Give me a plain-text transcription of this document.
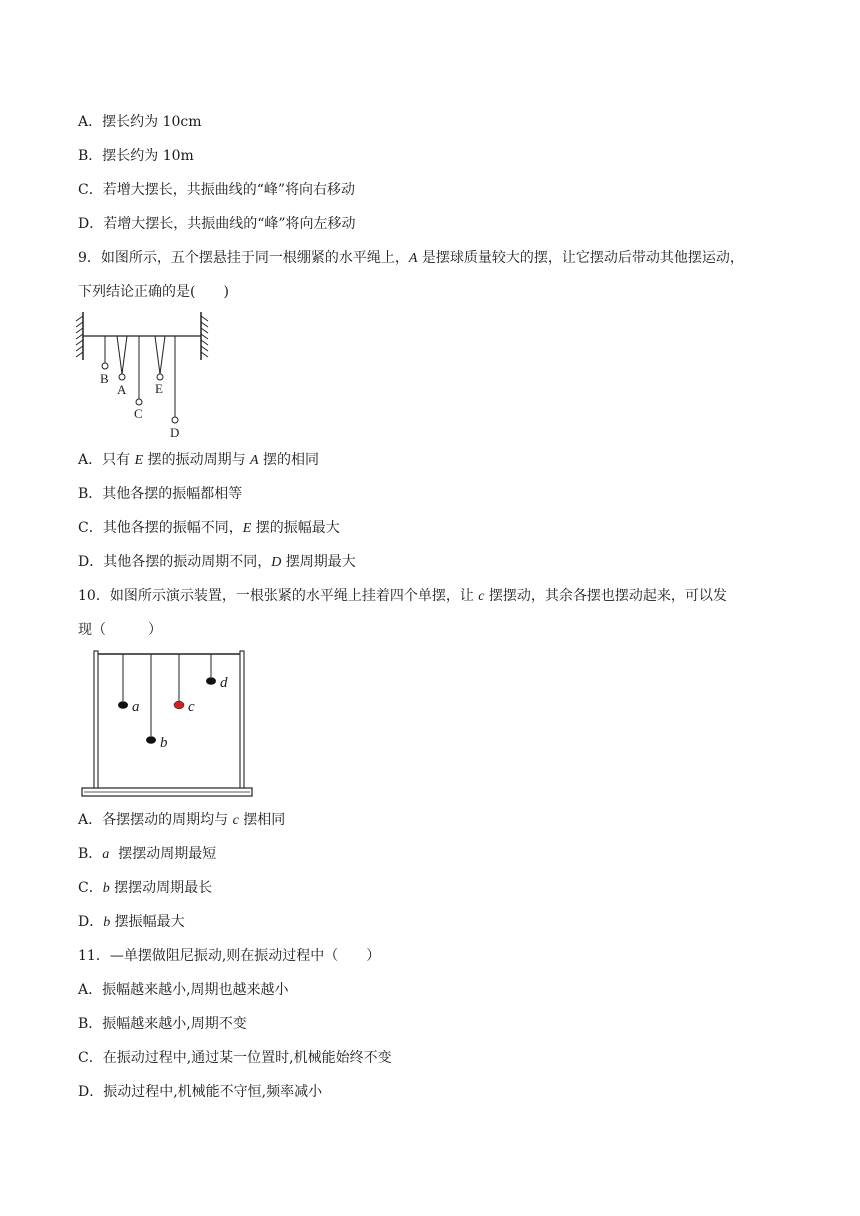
A．摆长约为 10cm
B．摆长约为 10m
C．若增大摆长，共振曲线的“峰”将向右移动
D．若增大摆长，共振曲线的“峰”将向左移动
9．如图所示，五个摆悬挂于同一根绷紧的水平绳上，A 是摆球质量较大的摆，让它摆动后带动其他摆运动，
下列结论正确的是(　　)
B
A
C
E
D
A．只有 E 摆的振动周期与 A 摆的相同
B．其他各摆的振幅都相等
C．其他各摆的振幅不同，E 摆的振幅最大
D．其他各摆的振动周期不同，D 摆周期最大
10．如图所示演示装置，一根张紧的水平绳上挂着四个单摆，让 c 摆摆动，其余各摆也摆动起来，可以发
现（　　　）
a
b
c
d
A．各摆摆动的周期均与 c 摆相同
B．a  摆摆动周期最短
C．b 摆摆动周期最长
D．b 摆振幅最大
11．—单摆做阻尼振动,则在振动过程中（　　）
A．振幅越来越小,周期也越来越小
B．振幅越来越小,周期不变
C．在振动过程中,通过某一位置时,机械能始终不变
D．振动过程中,机械能不守恒,频率减小
